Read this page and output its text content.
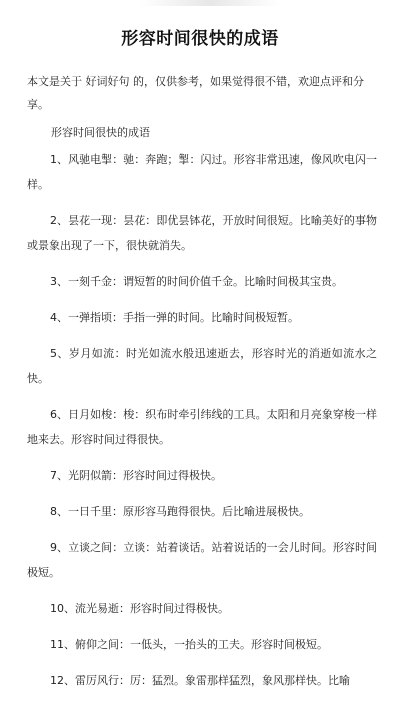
形容时间很快的成语
本文是关于 好词好句 的，仅供参考，如果觉得很不错，欢迎点评和分享。
形容时间很快的成语

1、风驰电掣：驰：奔跑；掣：闪过。形容非常迅速，像风吹电闪一样。

2、昙花一现：昙花：即优昙钵花，开放时间很短。比喻美好的事物或景象出现了一下，很快就消失。

3、一刻千金：谓短暂的时间价值千金。比喻时间极其宝贵。

4、一弹指顷：手指一弹的时间。比喻时间极短暂。

5、岁月如流：时光如流水般迅速逝去，形容时光的消逝如流水之快。

6、日月如梭：梭：织布时牵引纬线的工具。太阳和月亮象穿梭一样地来去。形容时间过得很快。

7、光阴似箭：形容时间过得极快。

8、一日千里：原形容马跑得很快。后比喻进展极快。

9、立谈之间：立谈：站着谈话。站着说话的一会儿时间。形容时间极短。

10、流光易逝：形容时间过得极快。

11、俯仰之间：一低头，一抬头的工夫。形容时间极短。

12、雷厉风行：厉：猛烈。象雷那样猛烈，象风那样快。比喻
